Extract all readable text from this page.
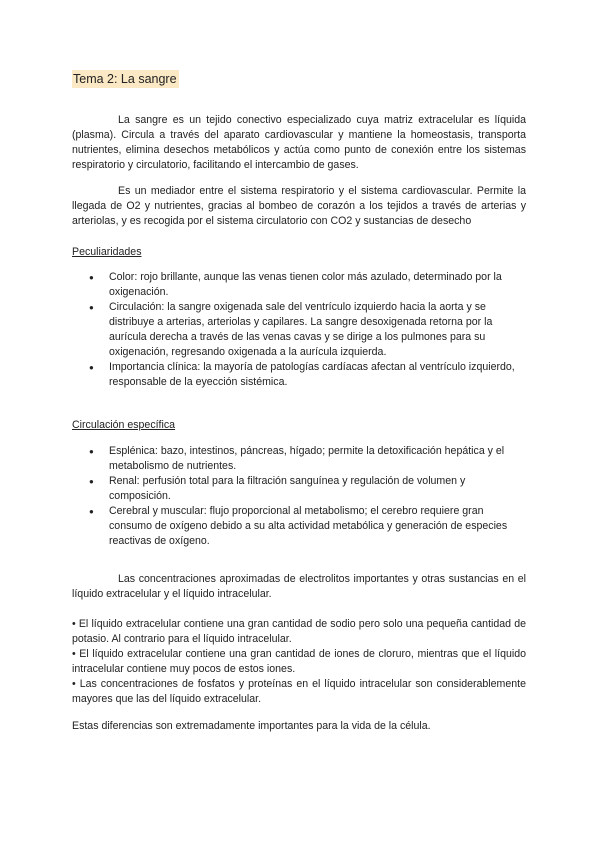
Tema 2: La sangre

La sangre es un tejido conectivo especializado cuya matriz extracelular es líquida (plasma). Circula a través del aparato cardiovascular y mantiene la homeostasis, transporta nutrientes, elimina desechos metabólicos y actúa como punto de conexión entre los sistemas respiratorio y circulatorio, facilitando el intercambio de gases.

Es un mediador entre el sistema respiratorio y el sistema cardiovascular. Permite la llegada de O2 y nutrientes, gracias al bombeo de corazón a los tejidos a través de arterias y arteriolas, y es recogida por el sistema circulatorio con CO2 y sustancias de desecho

Peculiaridades
● Color: rojo brillante, aunque las venas tienen color más azulado, determinado por la oxigenación.
● Circulación: la sangre oxigenada sale del ventrículo izquierdo hacia la aorta y se distribuye a arterias, arteriolas y capilares. La sangre desoxigenada retorna por la aurícula derecha a través de las venas cavas y se dirige a los pulmones para su oxigenación, regresando oxigenada a la aurícula izquierda.
● Importancia clínica: la mayoría de patologías cardíacas afectan al ventrículo izquierdo, responsable de la eyección sistémica.
Circulación específica
● Esplénica: bazo, intestinos, páncreas, hígado; permite la detoxificación hepática y el metabolismo de nutrientes.
● Renal: perfusión total para la filtración sanguínea y regulación de volumen y composición.
● Cerebral y muscular: flujo proporcional al metabolismo; el cerebro requiere gran consumo de oxígeno debido a su alta actividad metabólica y generación de especies reactivas de oxígeno.

Las concentraciones aproximadas de electrolitos importantes y otras sustancias en el líquido extracelular y el líquido intracelular.

• El líquido extracelular contiene una gran cantidad de sodio pero solo una pequeña cantidad de potasio. Al contrario para el líquido intracelular.

• El líquido extracelular contiene una gran cantidad de iones de cloruro, mientras que el líquido intracelular contiene muy pocos de estos iones.

• Las concentraciones de fosfatos y proteínas en el líquido intracelular son considerablemente mayores que las del líquido extracelular.

Estas diferencias son extremadamente importantes para la vida de la célula.
